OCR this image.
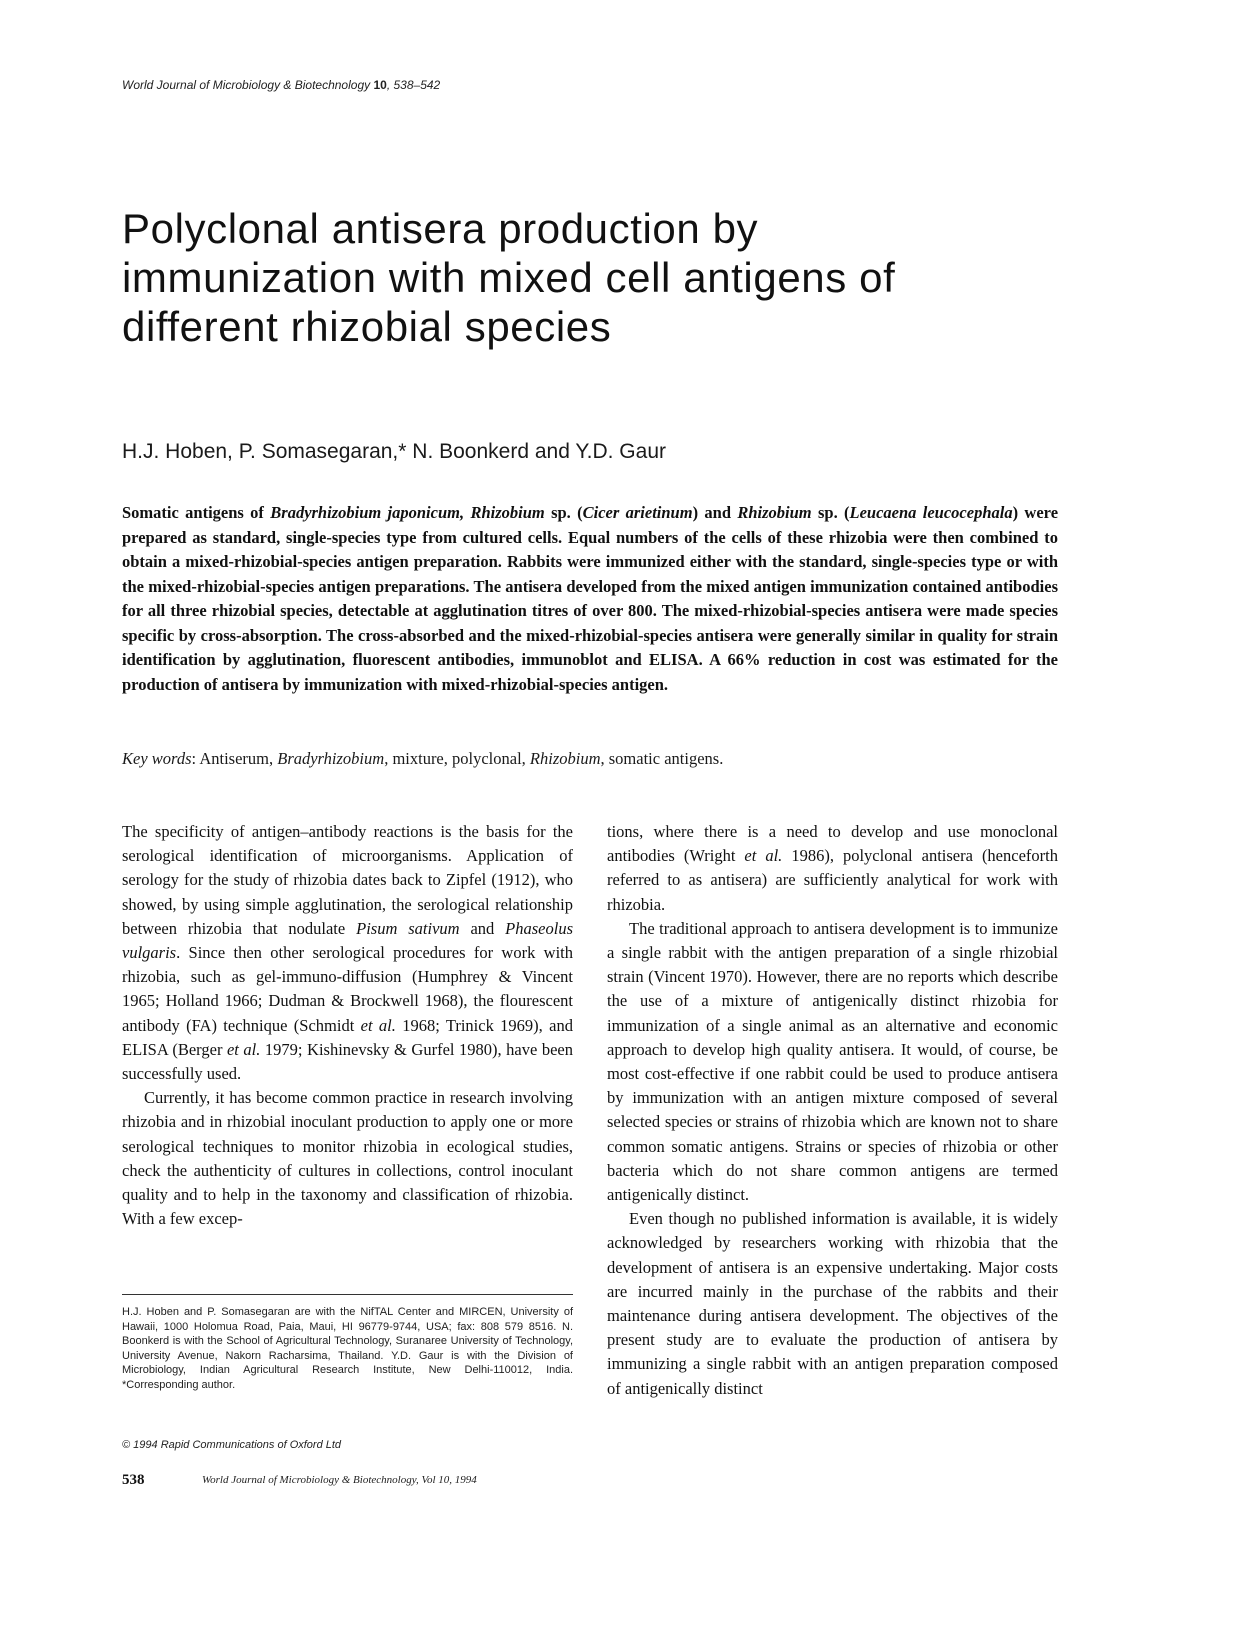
World Journal of Microbiology & Biotechnology 10, 538–542
Polyclonal antisera production by
immunization with mixed cell antigens of
different rhizobial species
H.J. Hoben, P. Somasegaran,* N. Boonkerd and Y.D. Gaur

Somatic antigens of Bradyrhizobium japonicum, Rhizobium sp. (Cicer arietinum) and Rhizobium sp. (Leucaena leucocephala) were prepared as standard, single-species type from cultured cells. Equal numbers of the cells of these rhizobia were then combined to obtain a mixed-rhizobial-species antigen preparation. Rabbits were immunized either with the standard, single-species type or with the mixed-rhizobial-species antigen preparations. The antisera developed from the mixed antigen immunization contained antibodies for all three rhizobial species, detectable at agglutination titres of over 800. The mixed-rhizobial-species antisera were made species specific by cross-absorption. The cross-absorbed and the mixed-rhizobial-species antisera were generally similar in quality for strain identification by agglutination, fluorescent antibodies, immunoblot and ELISA. A 66% reduction in cost was estimated for the production of antisera by immunization with mixed-rhizobial-species antigen.

Key words: Antiserum, Bradyrhizobium, mixture, polyclonal, Rhizobium, somatic antigens.

The specificity of antigen–antibody reactions is the basis for the serological identification of microorganisms. Application of serology for the study of rhizobia dates back to Zipfel (1912), who showed, by using simple agglutination, the serological relationship between rhizobia that nodulate Pisum sativum and Phaseolus vulgaris. Since then other serological procedures for work with rhizobia, such as gel-immuno-diffusion (Humphrey & Vincent 1965; Holland 1966; Dudman & Brockwell 1968), the flourescent antibody (FA) technique (Schmidt et al. 1968; Trinick 1969), and ELISA (Berger et al. 1979; Kishinevsky & Gurfel 1980), have been successfully used.

Currently, it has become common practice in research involving rhizobia and in rhizobial inoculant production to apply one or more serological techniques to monitor rhizobia in ecological studies, check the authenticity of cultures in collections, control inoculant quality and to help in the taxonomy and classification of rhizobia. With a few excep-

tions, where there is a need to develop and use monoclonal antibodies (Wright et al. 1986), polyclonal antisera (henceforth referred to as antisera) are sufficiently analytical for work with rhizobia.

The traditional approach to antisera development is to immunize a single rabbit with the antigen preparation of a single rhizobial strain (Vincent 1970). However, there are no reports which describe the use of a mixture of antigenically distinct rhizobia for immunization of a single animal as an alternative and economic approach to develop high quality antisera. It would, of course, be most cost-effective if one rabbit could be used to produce antisera by immunization with an antigen mixture composed of several selected species or strains of rhizobia which are known not to share common somatic antigens. Strains or species of rhizobia or other bacteria which do not share common antigens are termed antigenically distinct.

Even though no published information is available, it is widely acknowledged by researchers working with rhizobia that the development of antisera is an expensive undertaking. Major costs are incurred mainly in the purchase of the rabbits and their maintenance during antisera development. The objectives of the present study are to evaluate the production of antisera by immunizing a single rabbit with an antigen preparation composed of antigenically distinct

H.J. Hoben and P. Somasegaran are with the NifTAL Center and MIRCEN, University of Hawaii, 1000 Holomua Road, Paia, Maui, HI 96779-9744, USA; fax: 808 579 8516. N. Boonkerd is with the School of Agricultural Technology, Suranaree University of Technology, University Avenue, Nakorn Racharsima, Thailand. Y.D. Gaur is with the Division of Microbiology, Indian Agricultural Research Institute, New Delhi-110012, India. *Corresponding author.

© 1994 Rapid Communications of Oxford Ltd
538	World Journal of Microbiology & Biotechnology, Vol 10, 1994
